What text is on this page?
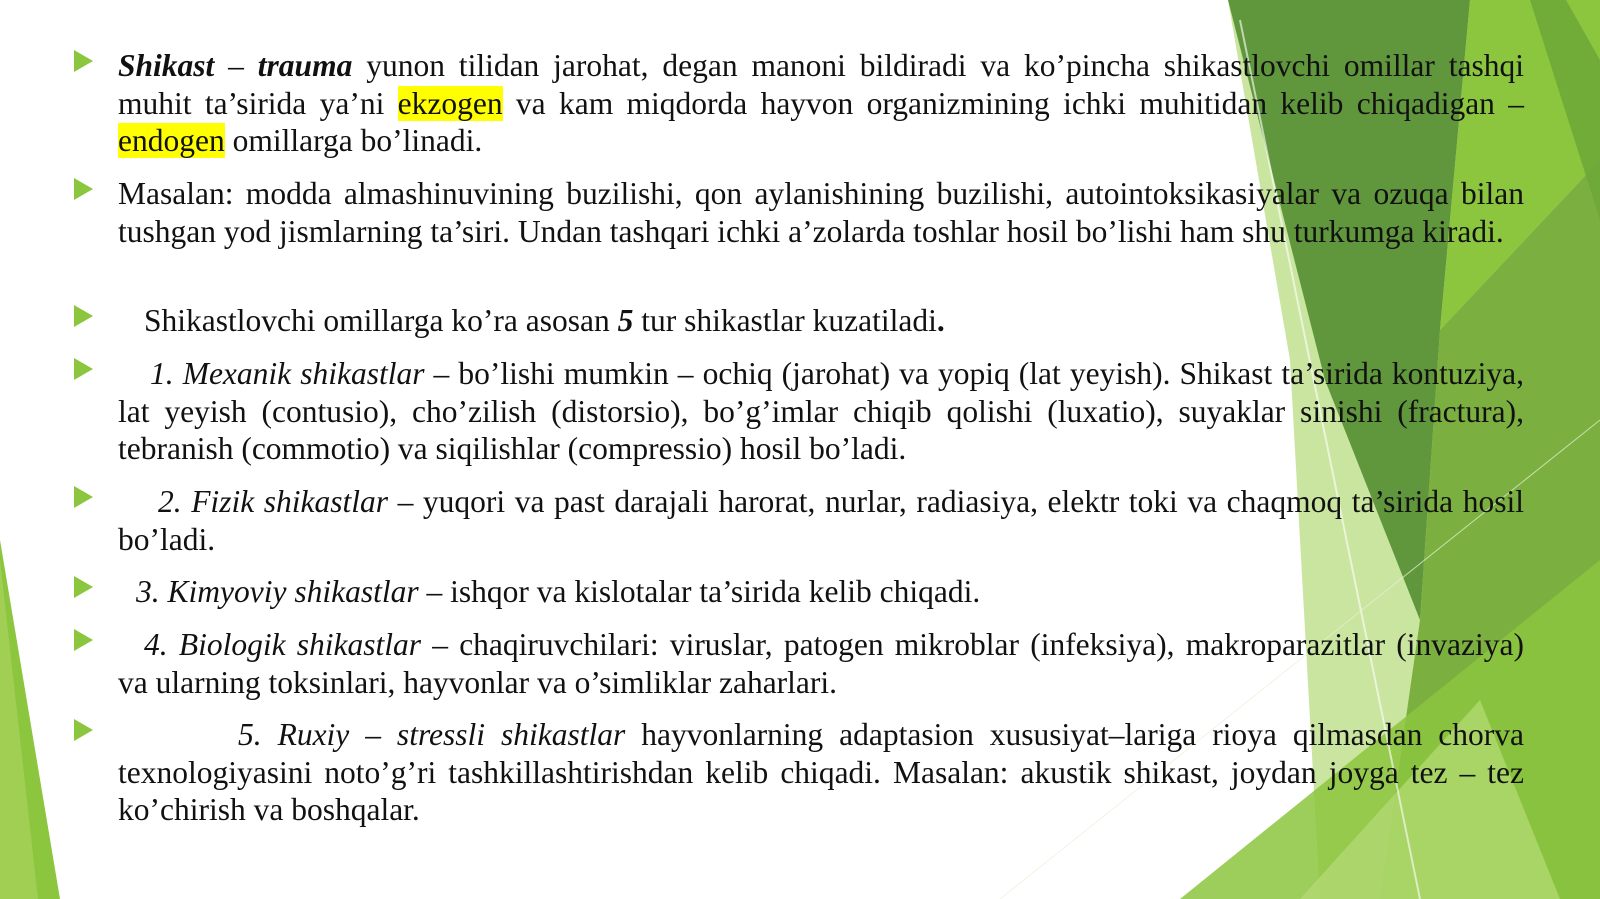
Shikast – trauma yunon tilidan jarohat, degan manoni bildiradi va ko’pincha shikastlovchi omillar tashqi muhit ta’sirida ya’ni ekzogen va kam miqdorda hayvon organizmining ichki muhitidan kelib chiqadigan – endogen omillarga bo’linadi.
Masalan: modda almashinuvining buzilishi, qon aylanishining buzilishi, autointoksikasiyalar va ozuqa bilan tushgan yod jismlarning ta’siri. Undan tashqari ichki a’zolarda toshlar hosil bo’lishi ham shu turkumga kiradi.
Shikastlovchi omillarga ko’ra asosan 5 tur shikastlar kuzatiladi.
1. Mexanik shikastlar – bo’lishi mumkin – ochiq (jarohat) va yopiq (lat yeyish). Shikast ta’sirida kontuziya, lat yeyish (contusio), cho’zilish (distorsio), bo’g’imlar chiqib qolishi (luxatio), suyaklar sinishi (fractura), tebranish (commotio) va siqilishlar (compressio) hosil bo’ladi.
2. Fizik shikastlar – yuqori va past darajali harorat, nurlar, radiasiya, elektr toki va chaqmoq ta’sirida hosil bo’ladi.
3. Kimyoviy shikastlar – ishqor va kislotalar ta’sirida kelib chiqadi.
4. Biologik shikastlar – chaqiruvchilari: viruslar, patogen mikroblar (infeksiya), makroparazitlar (invaziya) va ularning toksinlari, hayvonlar va o’simliklar zaharlari.
5. Ruxiy – stressli shikastlar hayvonlarning adaptasion xususiyat–lariga rioya qilmasdan chorva texnologiyasini noto’g’ri tashkillashtirishdan kelib chiqadi. Masalan: akustik shikast, joydan joyga tez – tez ko’chirish va boshqalar.
